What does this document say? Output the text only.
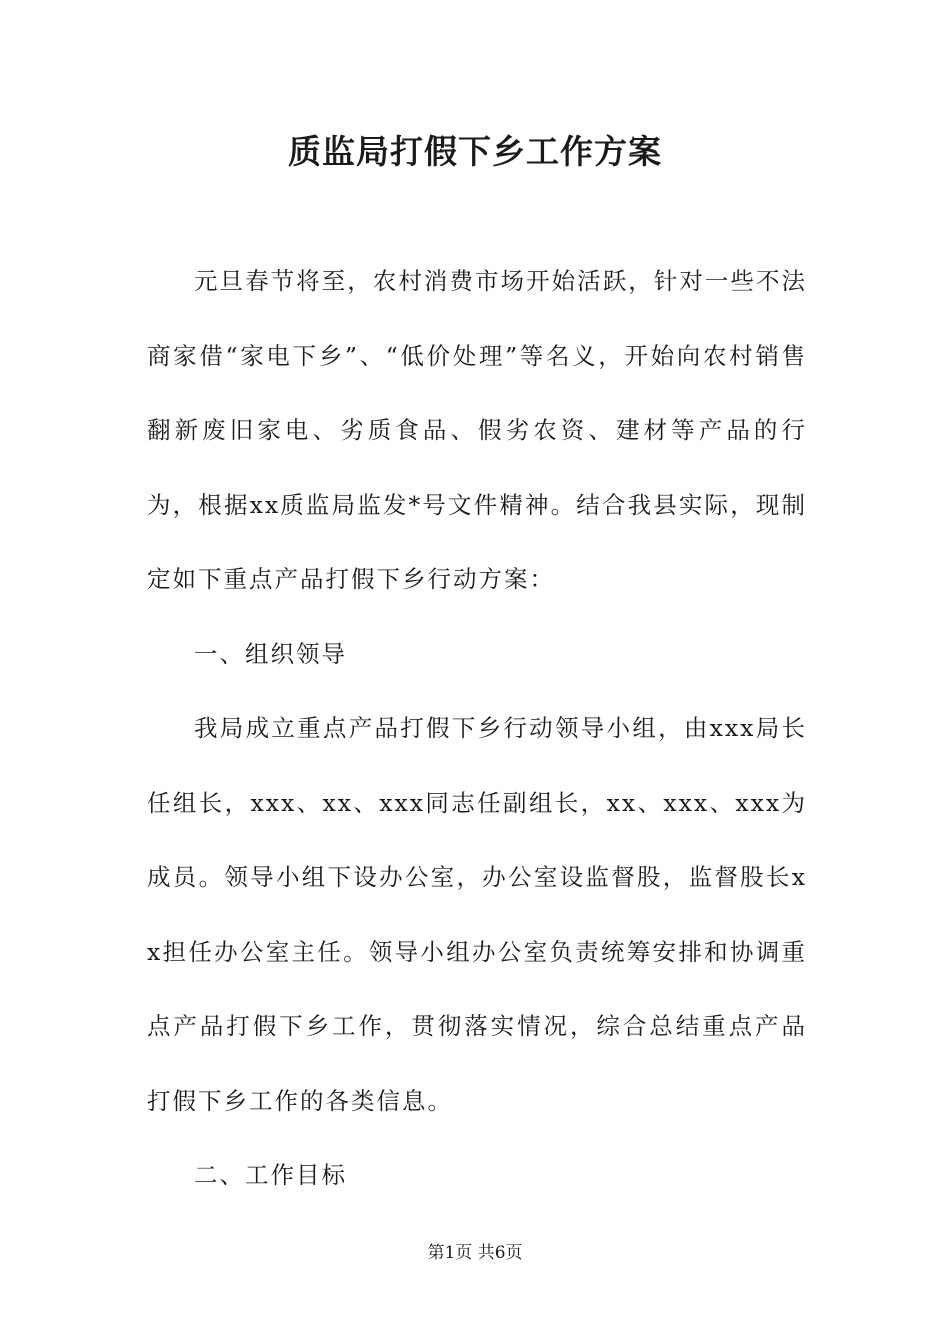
质监局打假下乡工作方案

元旦春节将至，农村消费市场开始活跃，针对一些不法商家借“家电下乡”、“低价处理”等名义，开始向农村销售翻新废旧家电、劣质食品、假劣农资、建材等产品的行为，根据xx质监局监发*号文件精神。结合我县实际，现制定如下重点产品打假下乡行动方案：

一、组织领导

我局成立重点产品打假下乡行动领导小组，由xxx局长任组长，xxx、xx、xxx同志任副组长，xx、xxx、xxx为成员。领导小组下设办公室，办公室设监督股，监督股长xx担任办公室主任。领导小组办公室负责统筹安排和协调重点产品打假下乡工作，贯彻落实情况，综合总结重点产品打假下乡工作的各类信息。

二、工作目标

第1页 共6页
